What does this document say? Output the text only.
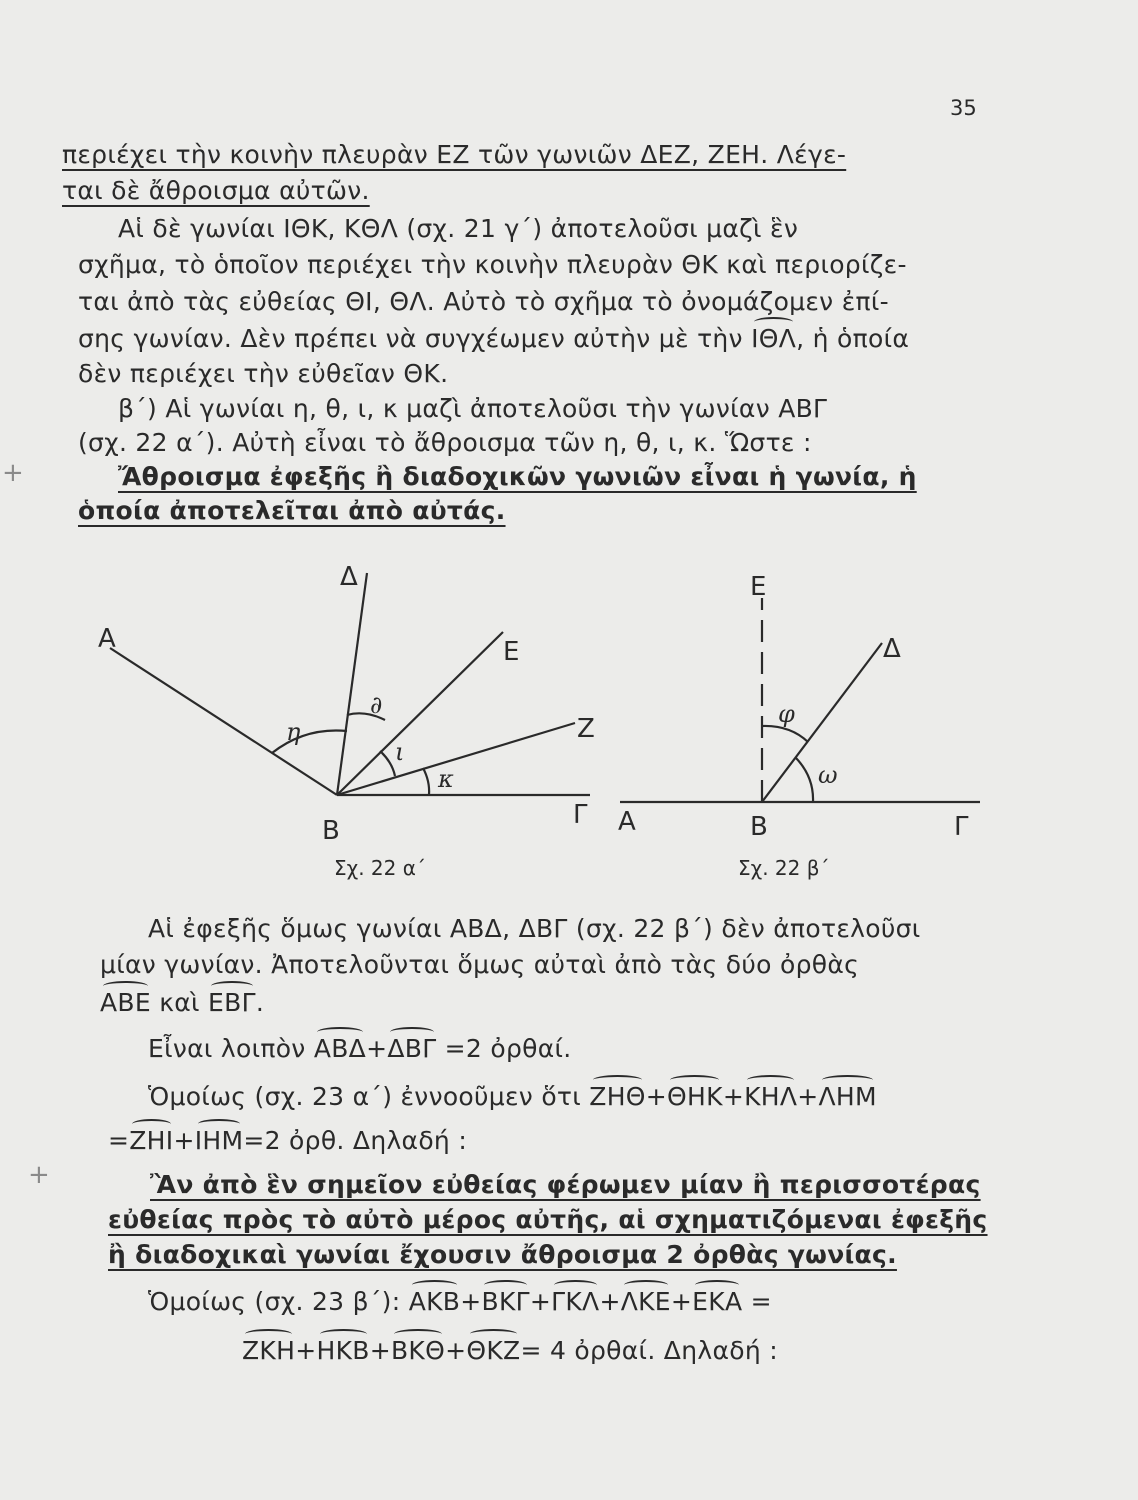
35
περιέχει τὴν κοινὴν πλευρὰν ΕΖ τῶν γωνιῶν ΔΕΖ, ΖΕΗ. Λέγε-
ται δὲ ἄθροισμα αὐτῶν.
Αἱ δὲ γωνίαι ΙΘΚ, ΚΘΛ (σχ. 21 γ΄) ἀποτελοῦσι μαζὶ ἓν
σχῆμα, τὸ ὁποῖον περιέχει τὴν κοινὴν πλευρὰν ΘΚ καὶ περιορίζε-
ται ἀπὸ τὰς εὐθείας ΘΙ, ΘΛ. Αὐτὸ τὸ σχῆμα τὸ ὀνομάζομεν ἐπί-
σης γωνίαν. Δὲν πρέπει νὰ συγχέωμεν αὐτὴν μὲ τὴν ΙΘΛ, ἡ ὁποία
δὲν περιέχει τὴν εὐθεῖαν ΘΚ.
β΄) Αἱ γωνίαι η, θ, ι, κ μαζὶ ἀποτελοῦσι τὴν γωνίαν ΑΒΓ
(σχ. 22 α΄). Αὐτὴ εἶναι τὸ ἄθροισμα τῶν η, θ, ι, κ. Ὥστε :
Ἄθροισμα ἐφεξῆς ἢ διαδοχικῶν γωνιῶν εἶναι ἡ γωνία, ἡ
ὁποία ἀποτελεῖται ἀπὸ αὐτάς.
Α
Β
Γ
Δ
Ε
Ζ
η
∂
ι
κ
Σχ. 22 α΄
Ε
Δ
Α	Β	Γ
φ
ω
Σχ. 22 β΄
Αἱ ἐφεξῆς ὅμως γωνίαι ΑΒΔ, ΔΒΓ (σχ. 22 β΄) δὲν ἀποτελοῦσι
μίαν γωνίαν. Ἀποτελοῦνται ὅμως αὐταὶ ἀπὸ τὰς δύο ὀρθὰς
ΑΒΕ καὶ ΕΒΓ.
Εἶναι λοιπὸν ΑΒΔ+ΔΒΓ =2 ὀρθαί.
Ὁμοίως (σχ. 23 α΄) ἐννοοῦμεν ὅτι ΖΗΘ+ΘΗΚ+ΚΗΛ+ΛΗΜ
=ΖΗΙ+ΙΗΜ=2 ὀρθ. Δηλαδή :
Ἂν ἀπὸ ἓν σημεῖον εὐθείας φέρωμεν μίαν ἢ περισσοτέρας
εὐθείας πρὸς τὸ αὐτὸ μέρος αὐτῆς, αἱ σχηματιζόμεναι ἐφεξῆς
ἢ διαδοχικαὶ γωνίαι ἔχουσιν ἄθροισμα 2 ὀρθὰς γωνίας.
Ὁμοίως (σχ. 23 β΄): ΑΚΒ+ΒΚΓ+ΓΚΛ+ΛΚΕ+ΕΚΑ =
ΖΚΗ+ΗΚΒ+ΒΚΘ+ΘΚΖ= 4 ὀρθαί. Δηλαδή :
+
+
